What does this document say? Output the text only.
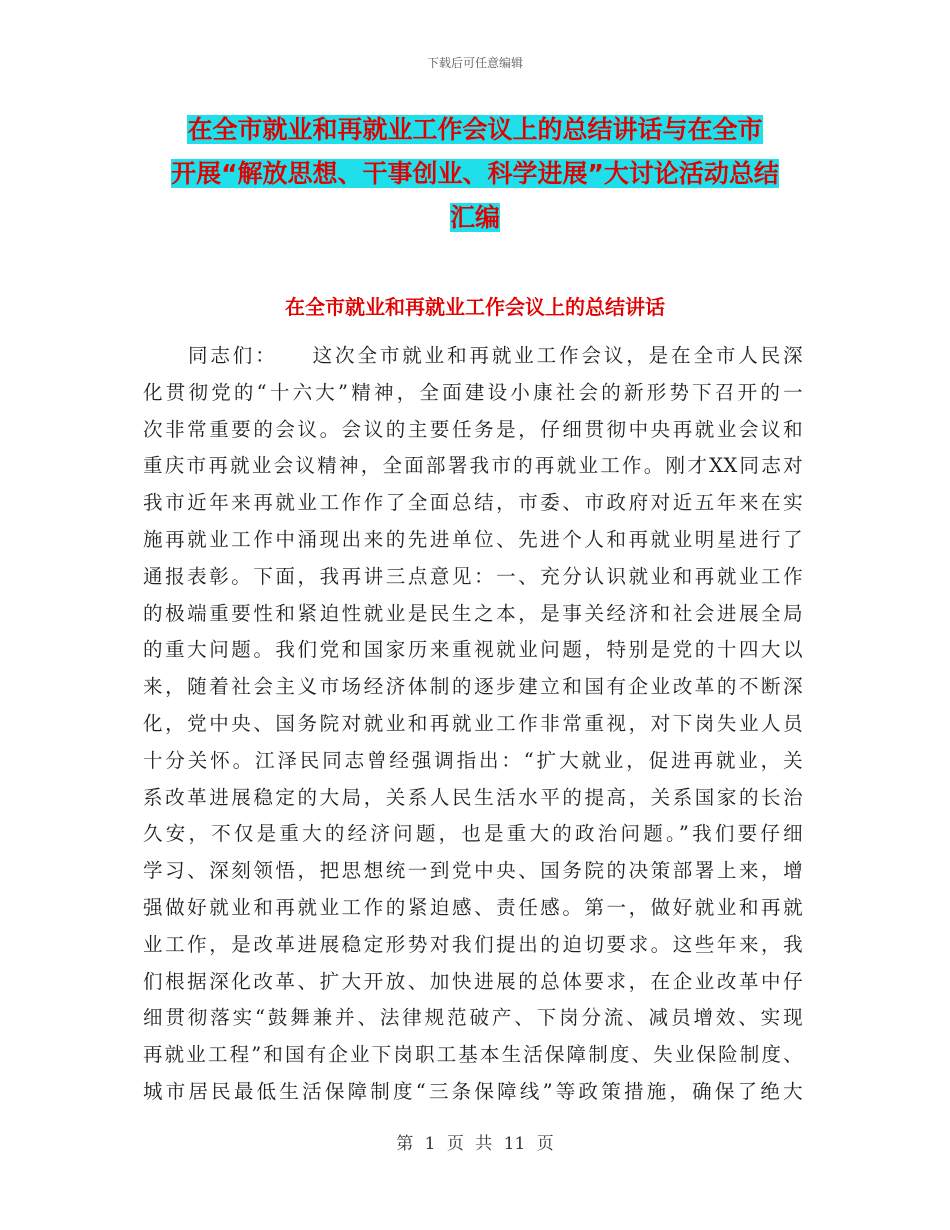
下载后可任意编辑
在全市就业和再就业工作会议上的总结讲话与在全市
开展“解放思想、干事创业、科学进展”大讨论活动总结
汇编
在全市就业和再就业工作会议上的总结讲话
同志们：　　这次全市就业和再就业工作会议，是在全市人民深
化贯彻党的“十六大”精神，全面建设小康社会的新形势下召开的一
次非常重要的会议。会议的主要任务是，仔细贯彻中央再就业会议和
重庆市再就业会议精神，全面部署我市的再就业工作。刚才XX同志对
我市近年来再就业工作作了全面总结，市委、市政府对近五年来在实
施再就业工作中涌现出来的先进单位、先进个人和再就业明星进行了
通报表彰。下面，我再讲三点意见：一、充分认识就业和再就业工作
的极端重要性和紧迫性就业是民生之本，是事关经济和社会进展全局
的重大问题。我们党和国家历来重视就业问题，特别是党的十四大以
来，随着社会主义市场经济体制的逐步建立和国有企业改革的不断深
化，党中央、国务院对就业和再就业工作非常重视，对下岗失业人员
十分关怀。江泽民同志曾经强调指出：“扩大就业，促进再就业，关
系改革进展稳定的大局，关系人民生活水平的提高，关系国家的长治
久安，不仅是重大的经济问题，也是重大的政治问题。”我们要仔细
学习、深刻领悟，把思想统一到党中央、国务院的决策部署上来，增
强做好就业和再就业工作的紧迫感、责任感。第一，做好就业和再就
业工作，是改革进展稳定形势对我们提出的迫切要求。这些年来，我
们根据深化改革、扩大开放、加快进展的总体要求，在企业改革中仔
细贯彻落实“鼓舞兼并、法律规范破产、下岗分流、减员增效、实现
再就业工程”和国有企业下岗职工基本生活保障制度、失业保险制度、
城市居民最低生活保障制度“三条保障线”等政策措施，确保了绝大
第 1 页 共 11 页
